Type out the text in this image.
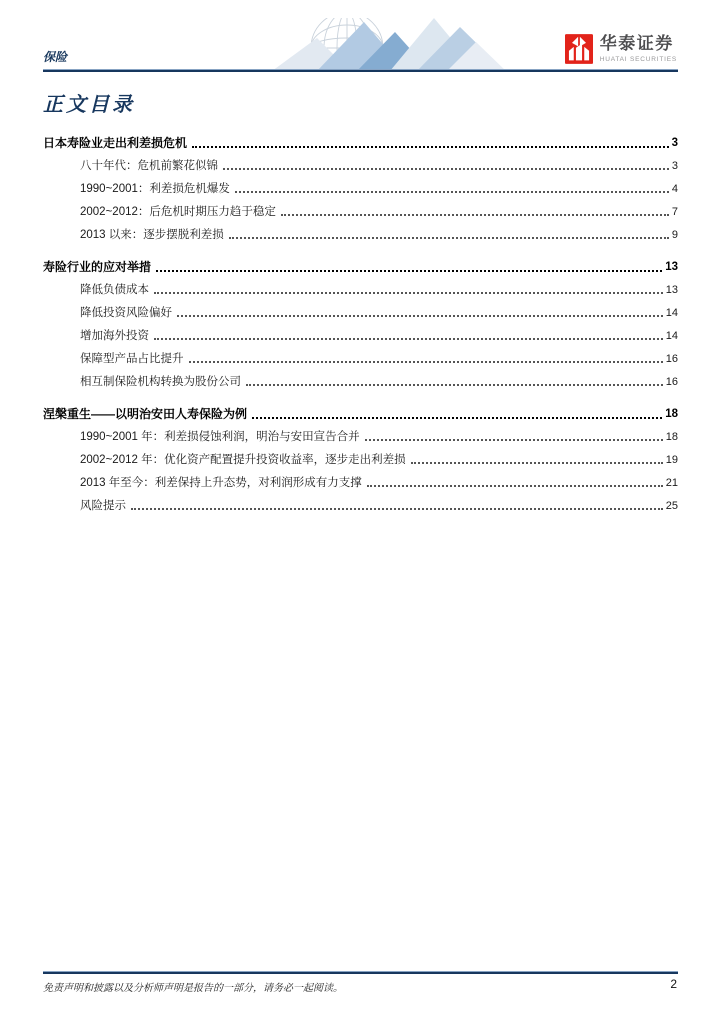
保险
华泰证券
HUATAI SECURITIES
正文目录
日本寿险业走出利差损危机	3
八十年代：危机前繁花似锦	3
1990~2001：利差损危机爆发	4
2002~2012：后危机时期压力趋于稳定	7
2013 以来：逐步摆脱利差损	9
寿险行业的应对举措	13
降低负债成本	13
降低投资风险偏好	14
增加海外投资	14
保障型产品占比提升	16
相互制保险机构转换为股份公司	16
涅槃重生——以明治安田人寿保险为例	18
1990~2001 年：利差损侵蚀利润，明治与安田宣告合并	18
2002~2012 年：优化资产配置提升投资收益率，逐步走出利差损	19
2013 年至今：利差保持上升态势，对利润形成有力支撑	21
风险提示	25
免责声明和披露以及分析师声明是报告的一部分，请务必一起阅读。	2
